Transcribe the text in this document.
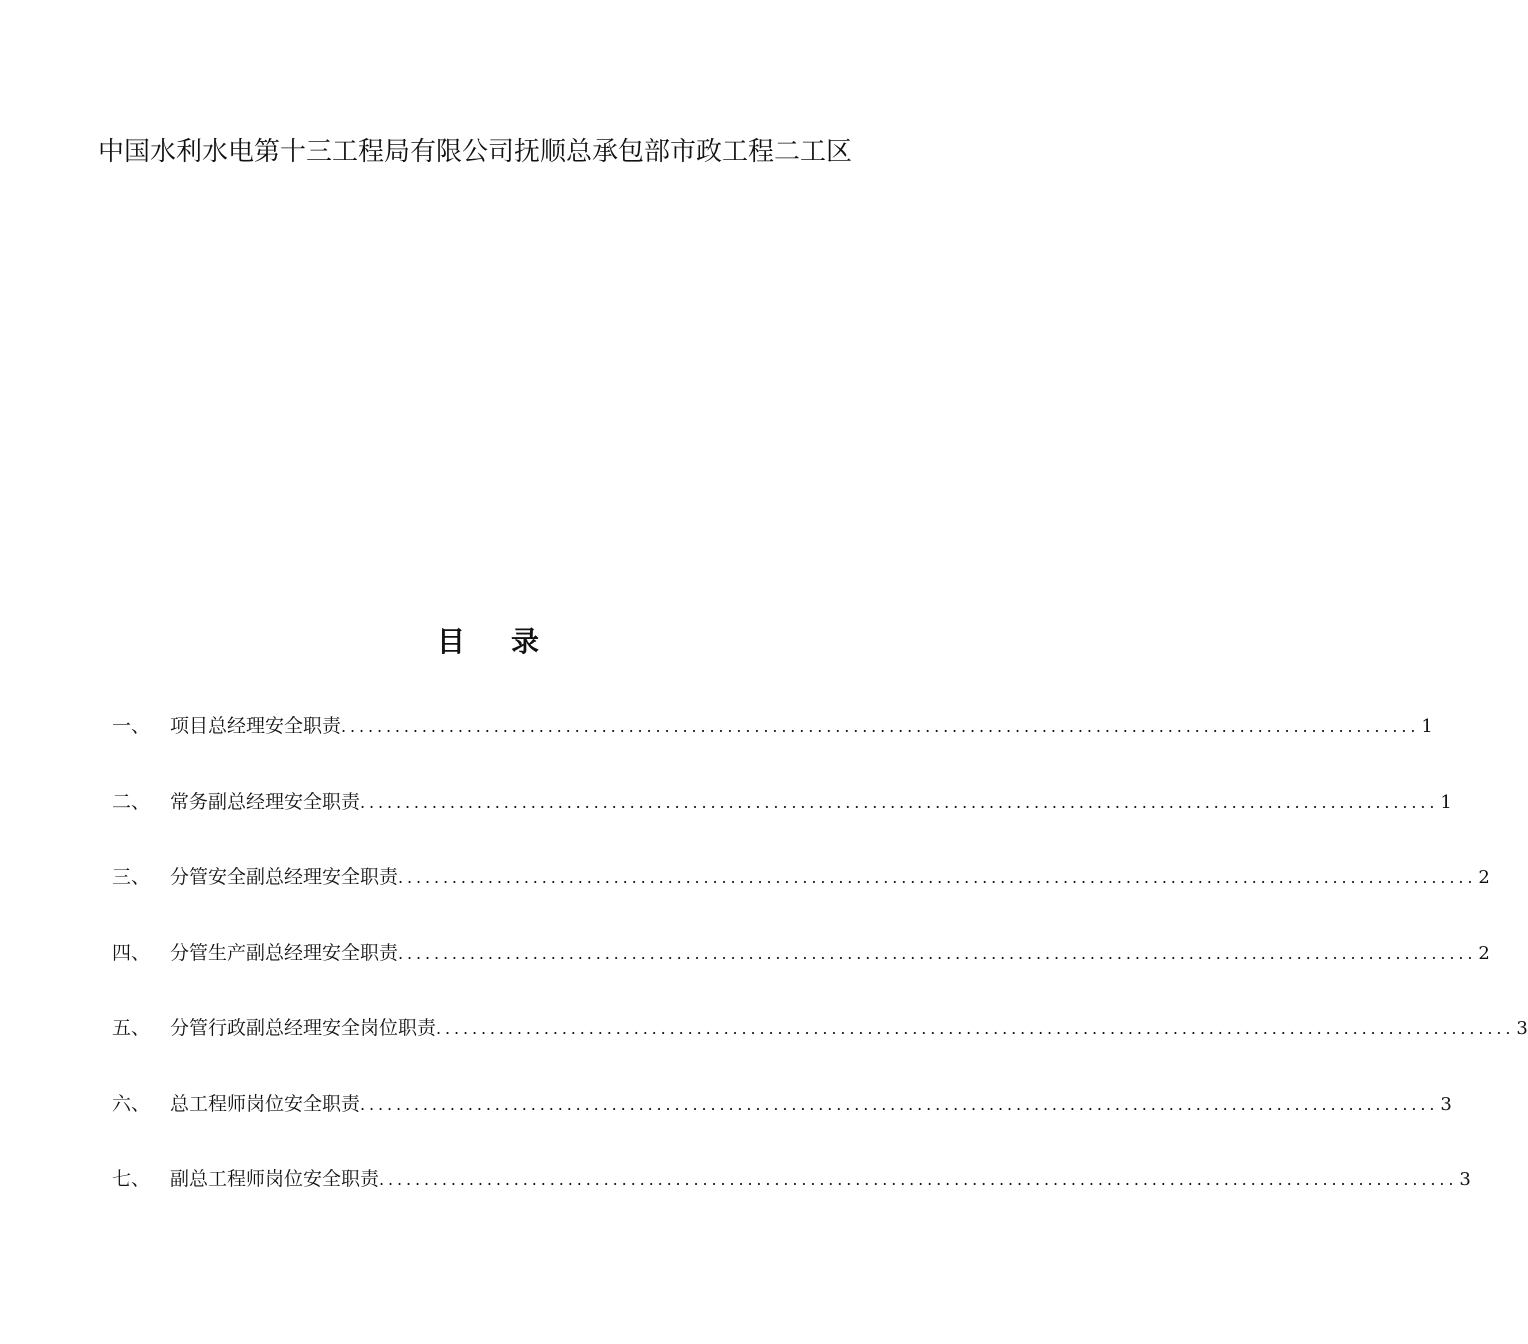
中国水利水电第十三工程局有限公司抚顺总承包部市政工程二工区
目 录
一、	项目总经理安全职责 ........................................................................................................................ 1
二、	常务副总经理安全职责 ........................................................................................................................ 1
三、	分管安全副总经理安全职责 ........................................................................................................................ 2
四、	分管生产副总经理安全职责 ........................................................................................................................ 2
五、	分管行政副总经理安全岗位职责 ........................................................................................................................ 3
六、	总工程师岗位安全职责 ........................................................................................................................ 3
七、	副总工程师岗位安全职责 ........................................................................................................................ 3
